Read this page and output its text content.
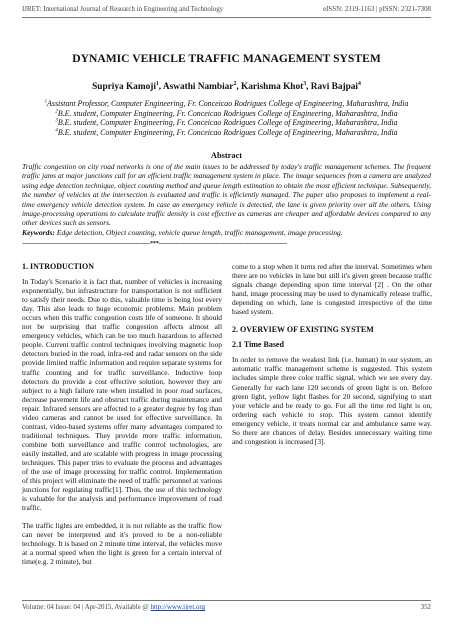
IJRET: International Journal of Research in Engineering and Technology	eISSN: 2319-1163 | pISSN: 2321-7308
DYNAMIC VEHICLE TRAFFIC MANAGEMENT SYSTEM
Supriya Kamoji$^1$, Aswathi Nambiar$^2$, Karishma Khot$^3$, Ravi Bajpai$^4$
$^1$Assistant Professor, Computer Engineering, Fr. Conceicao Rodrigues College of Engineering, Maharashtra, India
$^2$B.E. student, Computer Engineering, Fr. Conceicao Rodrigues College of Engineering, Maharashtra, India
$^3$B.E. student, Computer Engineering, Fr. Conceicao Rodrigues College of Engineering, Maharashtra, India
$^4$B.E. student, Computer Engineering, Fr. Conceicao Rodrigues College of Engineering, Maharashtra, India
Abstract
Traffic congestion on city road networks is one of the main issues to be addressed by today's traffic management schemes. The frequent traffic jams at major junctions call for an efficient traffic management system in place. The image sequences from a camera are analyzed using edge detection technique, object counting method and queue length estimation to obtain the most efficient technique. Subsequently, the number of vehicles at the intersection is evaluated and traffic is efficiently managed. The paper also proposes to implement a real-time emergency vehicle detection system. In case an emergency vehicle is detected, the lane is given priority over all the others. Using image-processing operations to calculate traffic density is cost effective as cameras are cheaper and affordable devices compared to any other devices such as sensors.
Keywords: Edge detection, Object counting, vehicle queue length, traffic management, image processing.
----------------------------------------------------------------------***----------------------------------------------------------------------
1. INTRODUCTION

In Today's Scenario it is fact that, number of vehicles is increasing exponentially, but infrastructure for transportation is not sufficient to satisfy their needs. Due to this, valuable time is being lost every day. This also leads to huge economic problems. Main problem occurs when this traffic congestion costs life of someone. It should not be surprising that traffic congestion affects almost all emergency vehicles, which can be too much hazardous to affected people. Current traffic control techniques involving magnetic loop detectors buried in the road, infra-red and radar sensors on the side provide limited traffic information and require separate systems for traffic counting and for traffic surveillance. Inductive loop detectors do provide a cost effective solution, however they are subject to a high failure rate when installed in poor road surfaces, decrease pavement life and obstruct traffic during maintenance and repair. Infrared sensors are affected to a greater degree by fog than video cameras and cannot be used for effective surveillance. In contrast, video-based systems offer many advantages compared to traditional techniques. They provide more traffic information, combine both surveillance and traffic control technologies, are easily installed, and are scalable with progress in image processing techniques. This paper tries to evaluate the process and advantages of the use of image processing for traffic control. Implementation of this project will eliminate the need of traffic personnel at various junctions for regulating traffic[1]. Thus, the use of this technology is valuable for the analysis and performance improvement of road traffic.

The traffic lights are embedded, it is not reliable as the traffic flow can never be interpreted and it's proved to be a non-reliable technology. It is based on 2 minute time interval, the vehicles move at a normal speed when the light is green for a certain interval of time(e.g. 2 minute), but

come to a stop when it turns red after the interval. Sometimes when there are no vehicles in lane but still it's given green because traffic signals change depending upon time interval [2] . On the other hand, image processing may be used to dynamically release traffic, depending on which, lane is congested irrespective of the time based system.

2. OVERVIEW OF EXISTING SYSTEM
2.1 Time Based

In order to remove the weakest link (i.e. human) in our system, an automatic traffic management scheme is suggested. This system includes simple three color traffic signal, which we see every day. Generally for each lane 120 seconds of green light is on. Before green light, yellow light flashes for 20 second, signifying to start your vehicle and be ready to go. For all the time red light is on, ordering each vehicle to stop. This system cannot identify emergency vehicle, it treats normal car and ambulance same way. So there are chances of delay. Besides unnecessary waiting time and congestion is increased [3].

Volume: 04 Issue: 04 | Apr-2015, Available @ http://www.ijret.org	352
